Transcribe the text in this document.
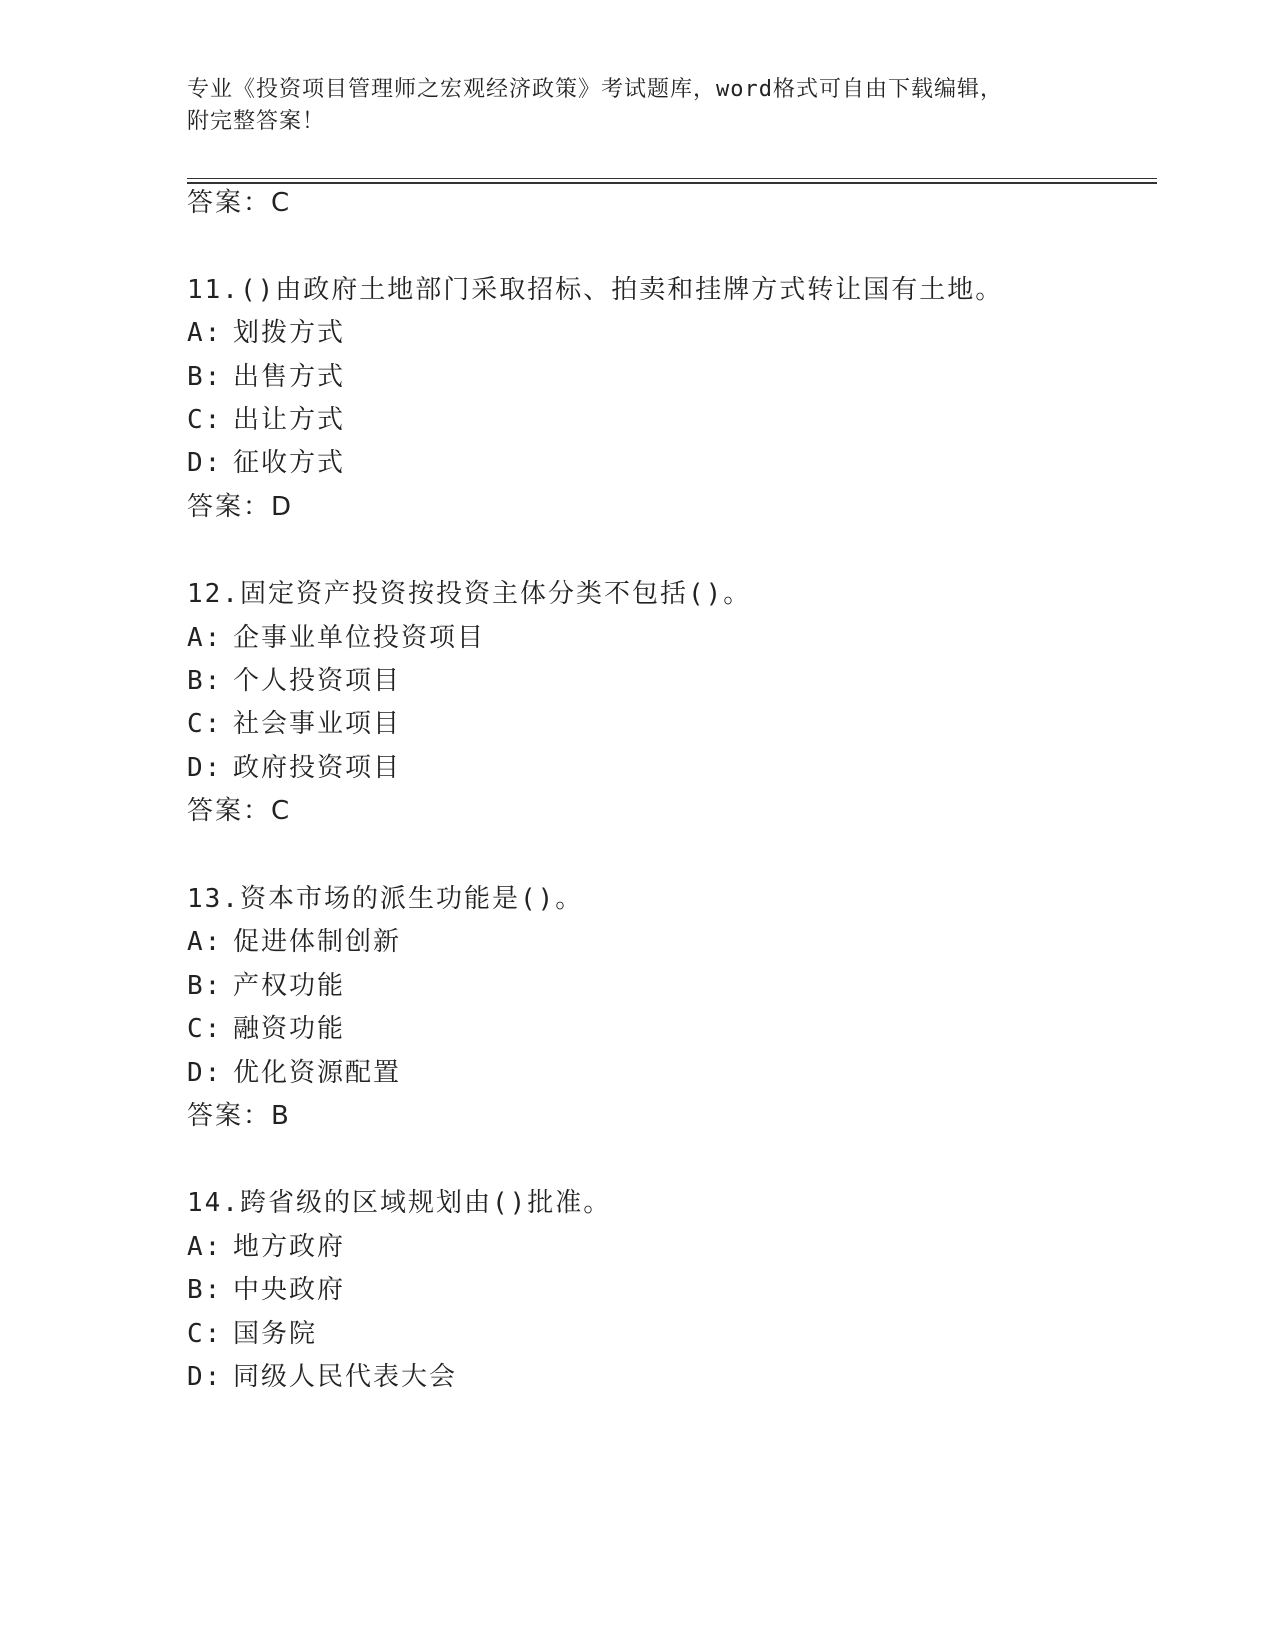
专业《投资项目管理师之宏观经济政策》考试题库，word格式可自由下载编辑，
附完整答案！
答案：C
11.()由政府土地部门采取招标、拍卖和挂牌方式转让国有土地。
A: 划拨方式
B: 出售方式
C: 出让方式
D: 征收方式
答案：D
12.固定资产投资按投资主体分类不包括()。
A: 企事业单位投资项目
B: 个人投资项目
C: 社会事业项目
D: 政府投资项目
答案：C
13.资本市场的派生功能是()。
A: 促进体制创新
B: 产权功能
C: 融资功能
D: 优化资源配置
答案：B
14.跨省级的区域规划由()批准。
A: 地方政府
B: 中央政府
C: 国务院
D: 同级人民代表大会
